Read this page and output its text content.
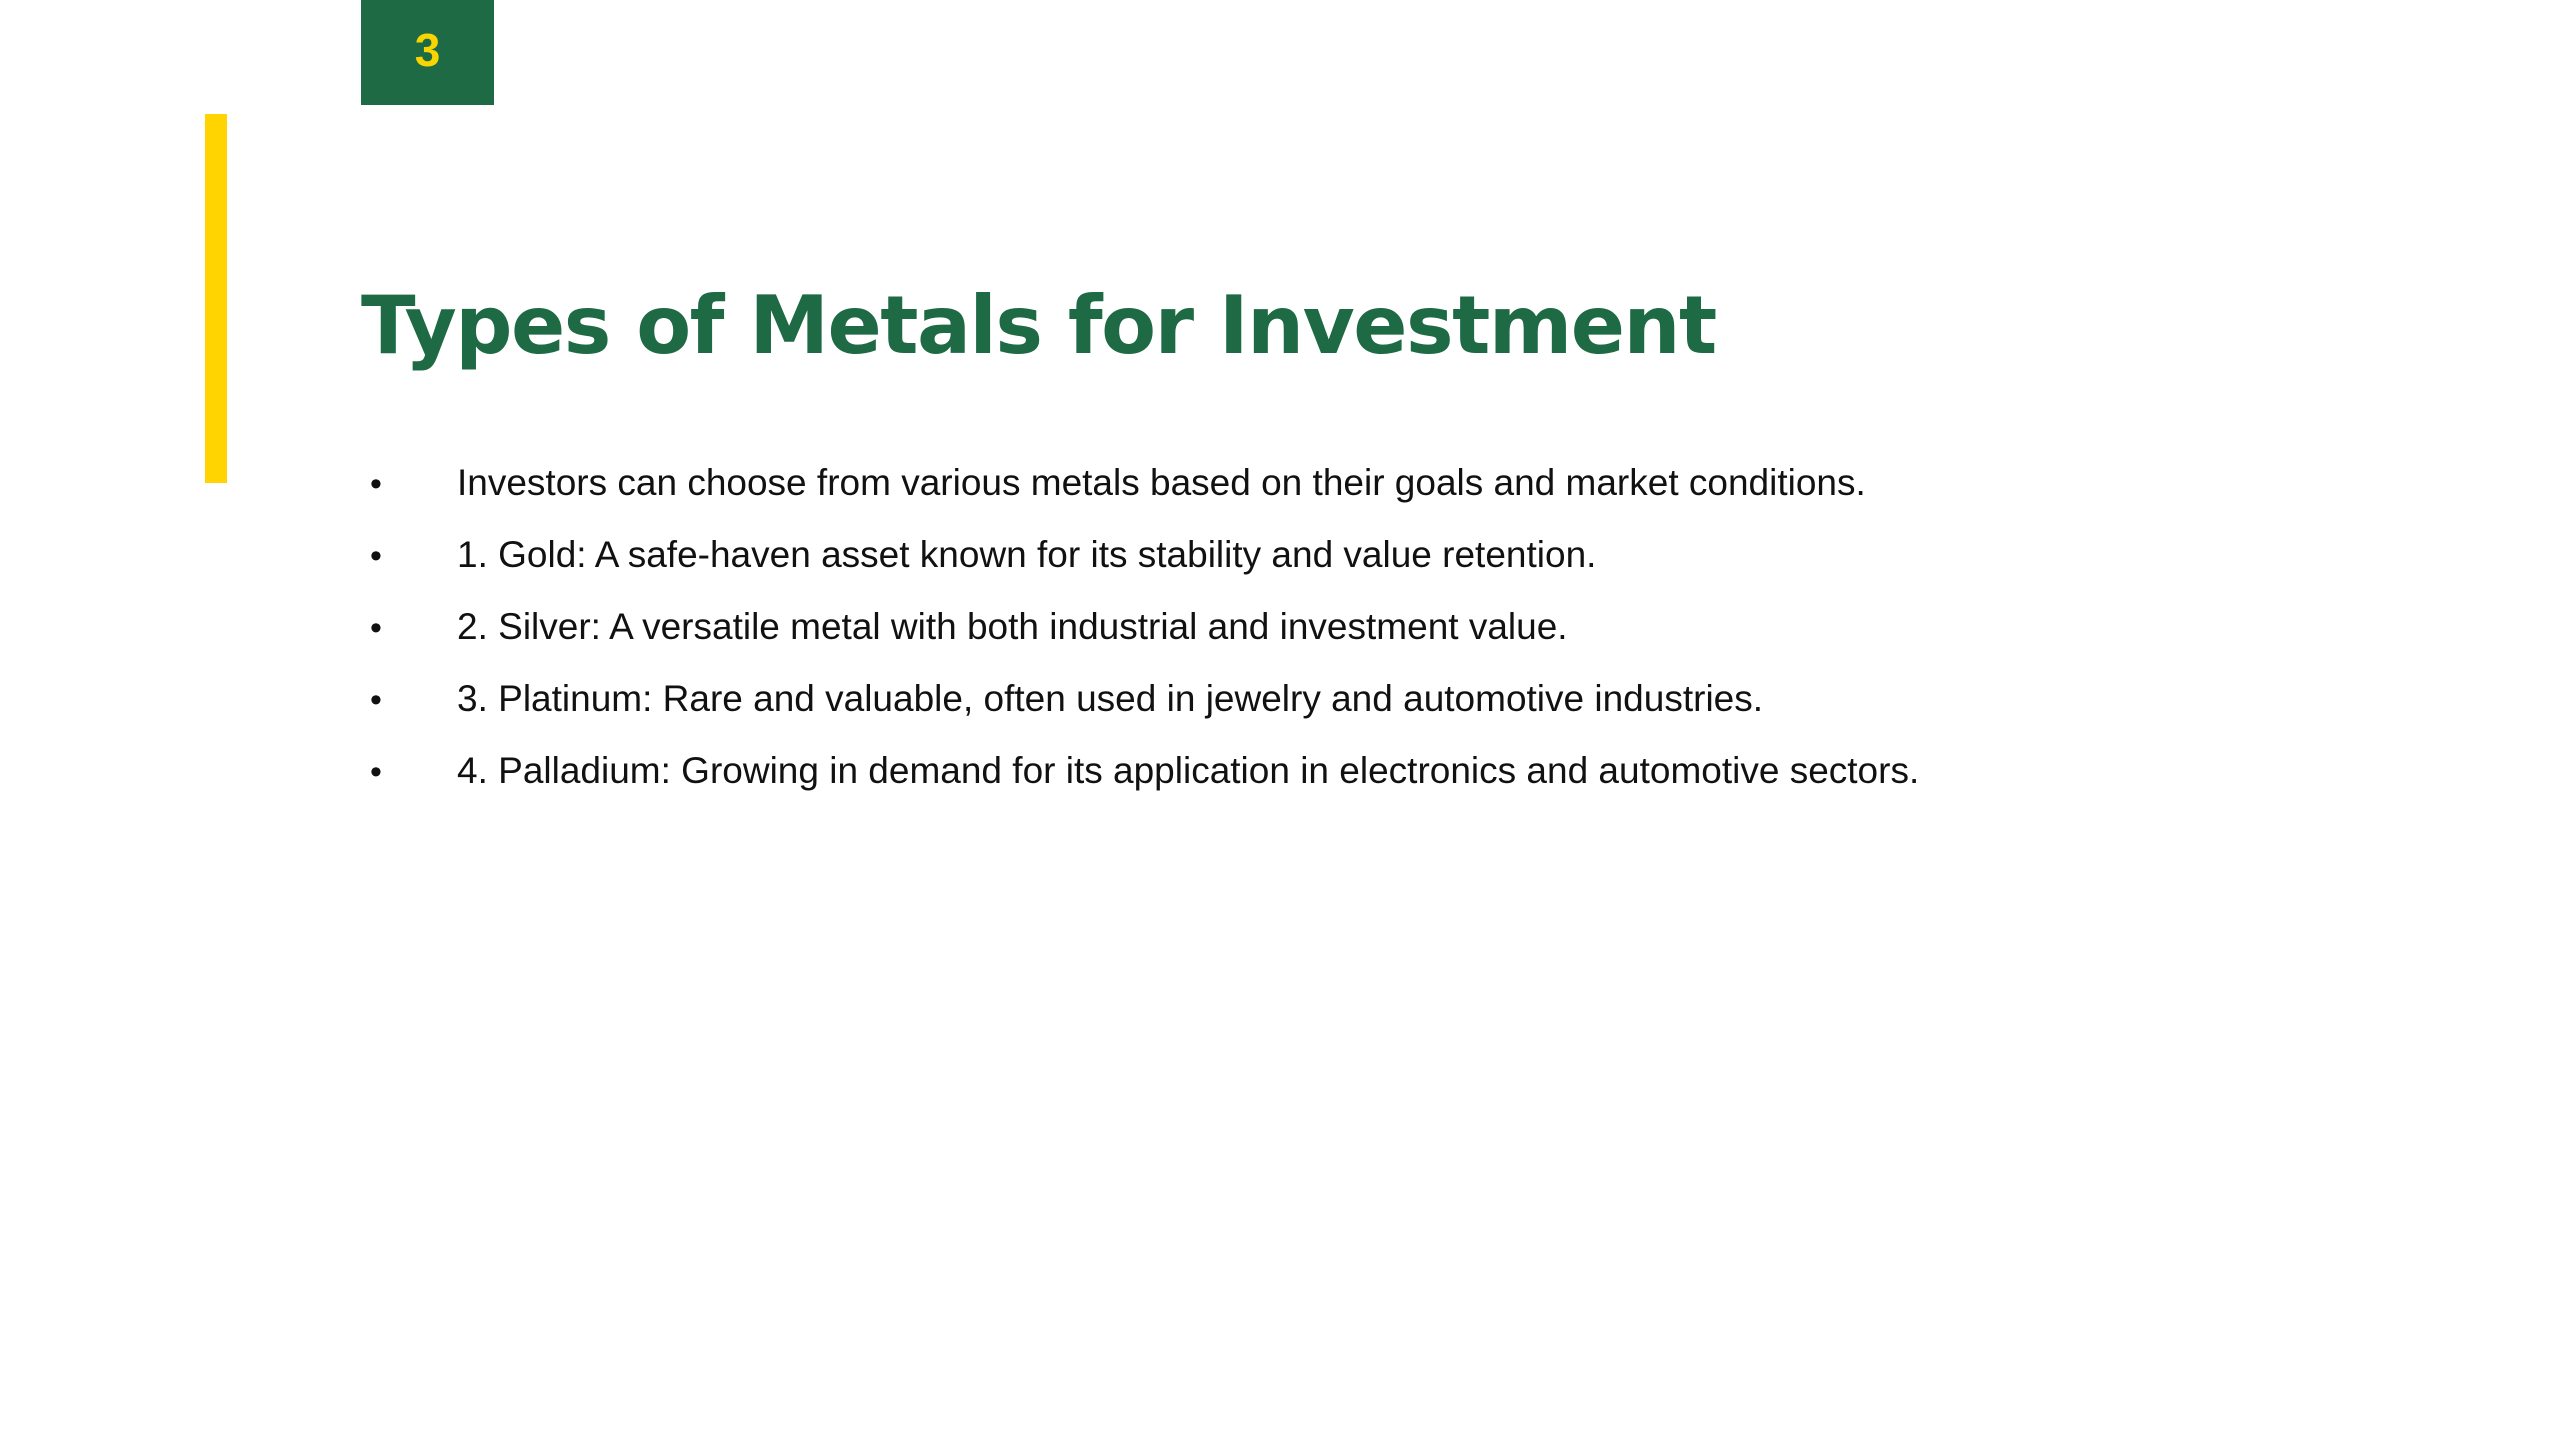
3
Types of Metals for Investment
•	Investors can choose from various metals based on their goals and market conditions.
•	1. Gold: A safe-haven asset known for its stability and value retention.
•	2. Silver: A versatile metal with both industrial and investment value.
•	3. Platinum: Rare and valuable, often used in jewelry and automotive industries.
•	4. Palladium: Growing in demand for its application in electronics and automotive sectors.
